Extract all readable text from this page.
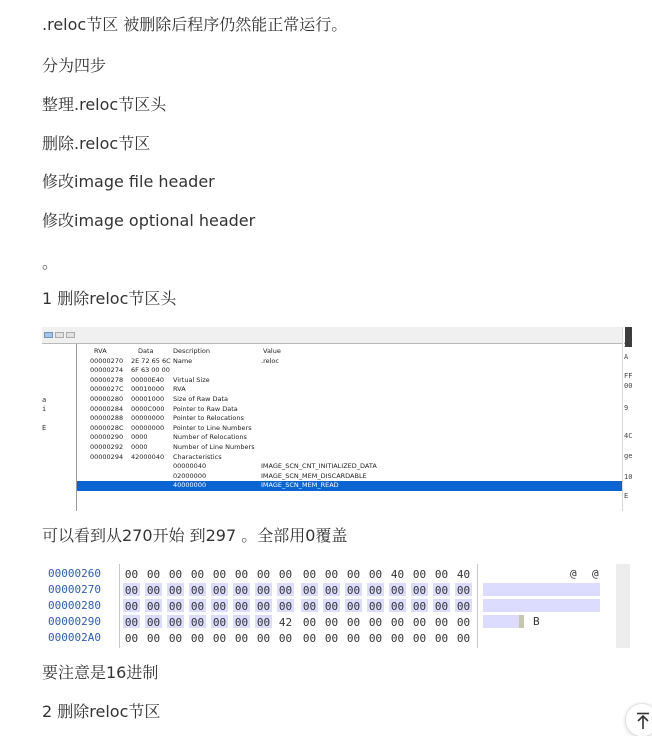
.reloc节区 被删除后程序仍然能正常运行。
分为四步
整理.reloc节区头
删除.reloc节区
修改image file header
修改image optional header
。
1 删除reloc节区头
a
i
E
RVA	Data	Description	Value
00000270 2E 72 65 6C Name	.reloc
00000274 6F 63 00 00
00000278 00000E40 Virtual Size
0000027C 00010000 RVA
00000280 00001000 Size of Raw Data
00000284 0000C000 Pointer to Raw Data
00000288 00000000 Pointer to Relocations
0000028C 00000000 Pointer to Line Numbers
00000290 0000	Number of Relocations
00000292 0000	Number of Line Numbers
00000294 42000040 Characteristics
00000040	IMAGE_SCN_CNT_INITIALIZED_DATA
02000000	IMAGE_SCN_MEM_DISCARDABLE
40000000	IMAGE_SCN_MEM_READ
A
FF
00
9
4C
ge
10
E
可以看到从270开始 到297 。全部用0覆盖
00000260 00 00 00 00 00 00 00 00 00 00 00 00 40 00 00 40	@ @
00000270 00 00 00 00 00 00 00 00 00 00 00 00 00 00 00 00
00000280 00 00 00 00 00 00 00 00 00 00 00 00 00 00 00 00
00000290 00 00 00 00 00 00 00 42 00 00 00 00 00 00 00 00	B
000002A0 00 00 00 00 00 00 00 00 00 00 00 00 00 00 00 00
要注意是16进制
2 删除reloc节区
